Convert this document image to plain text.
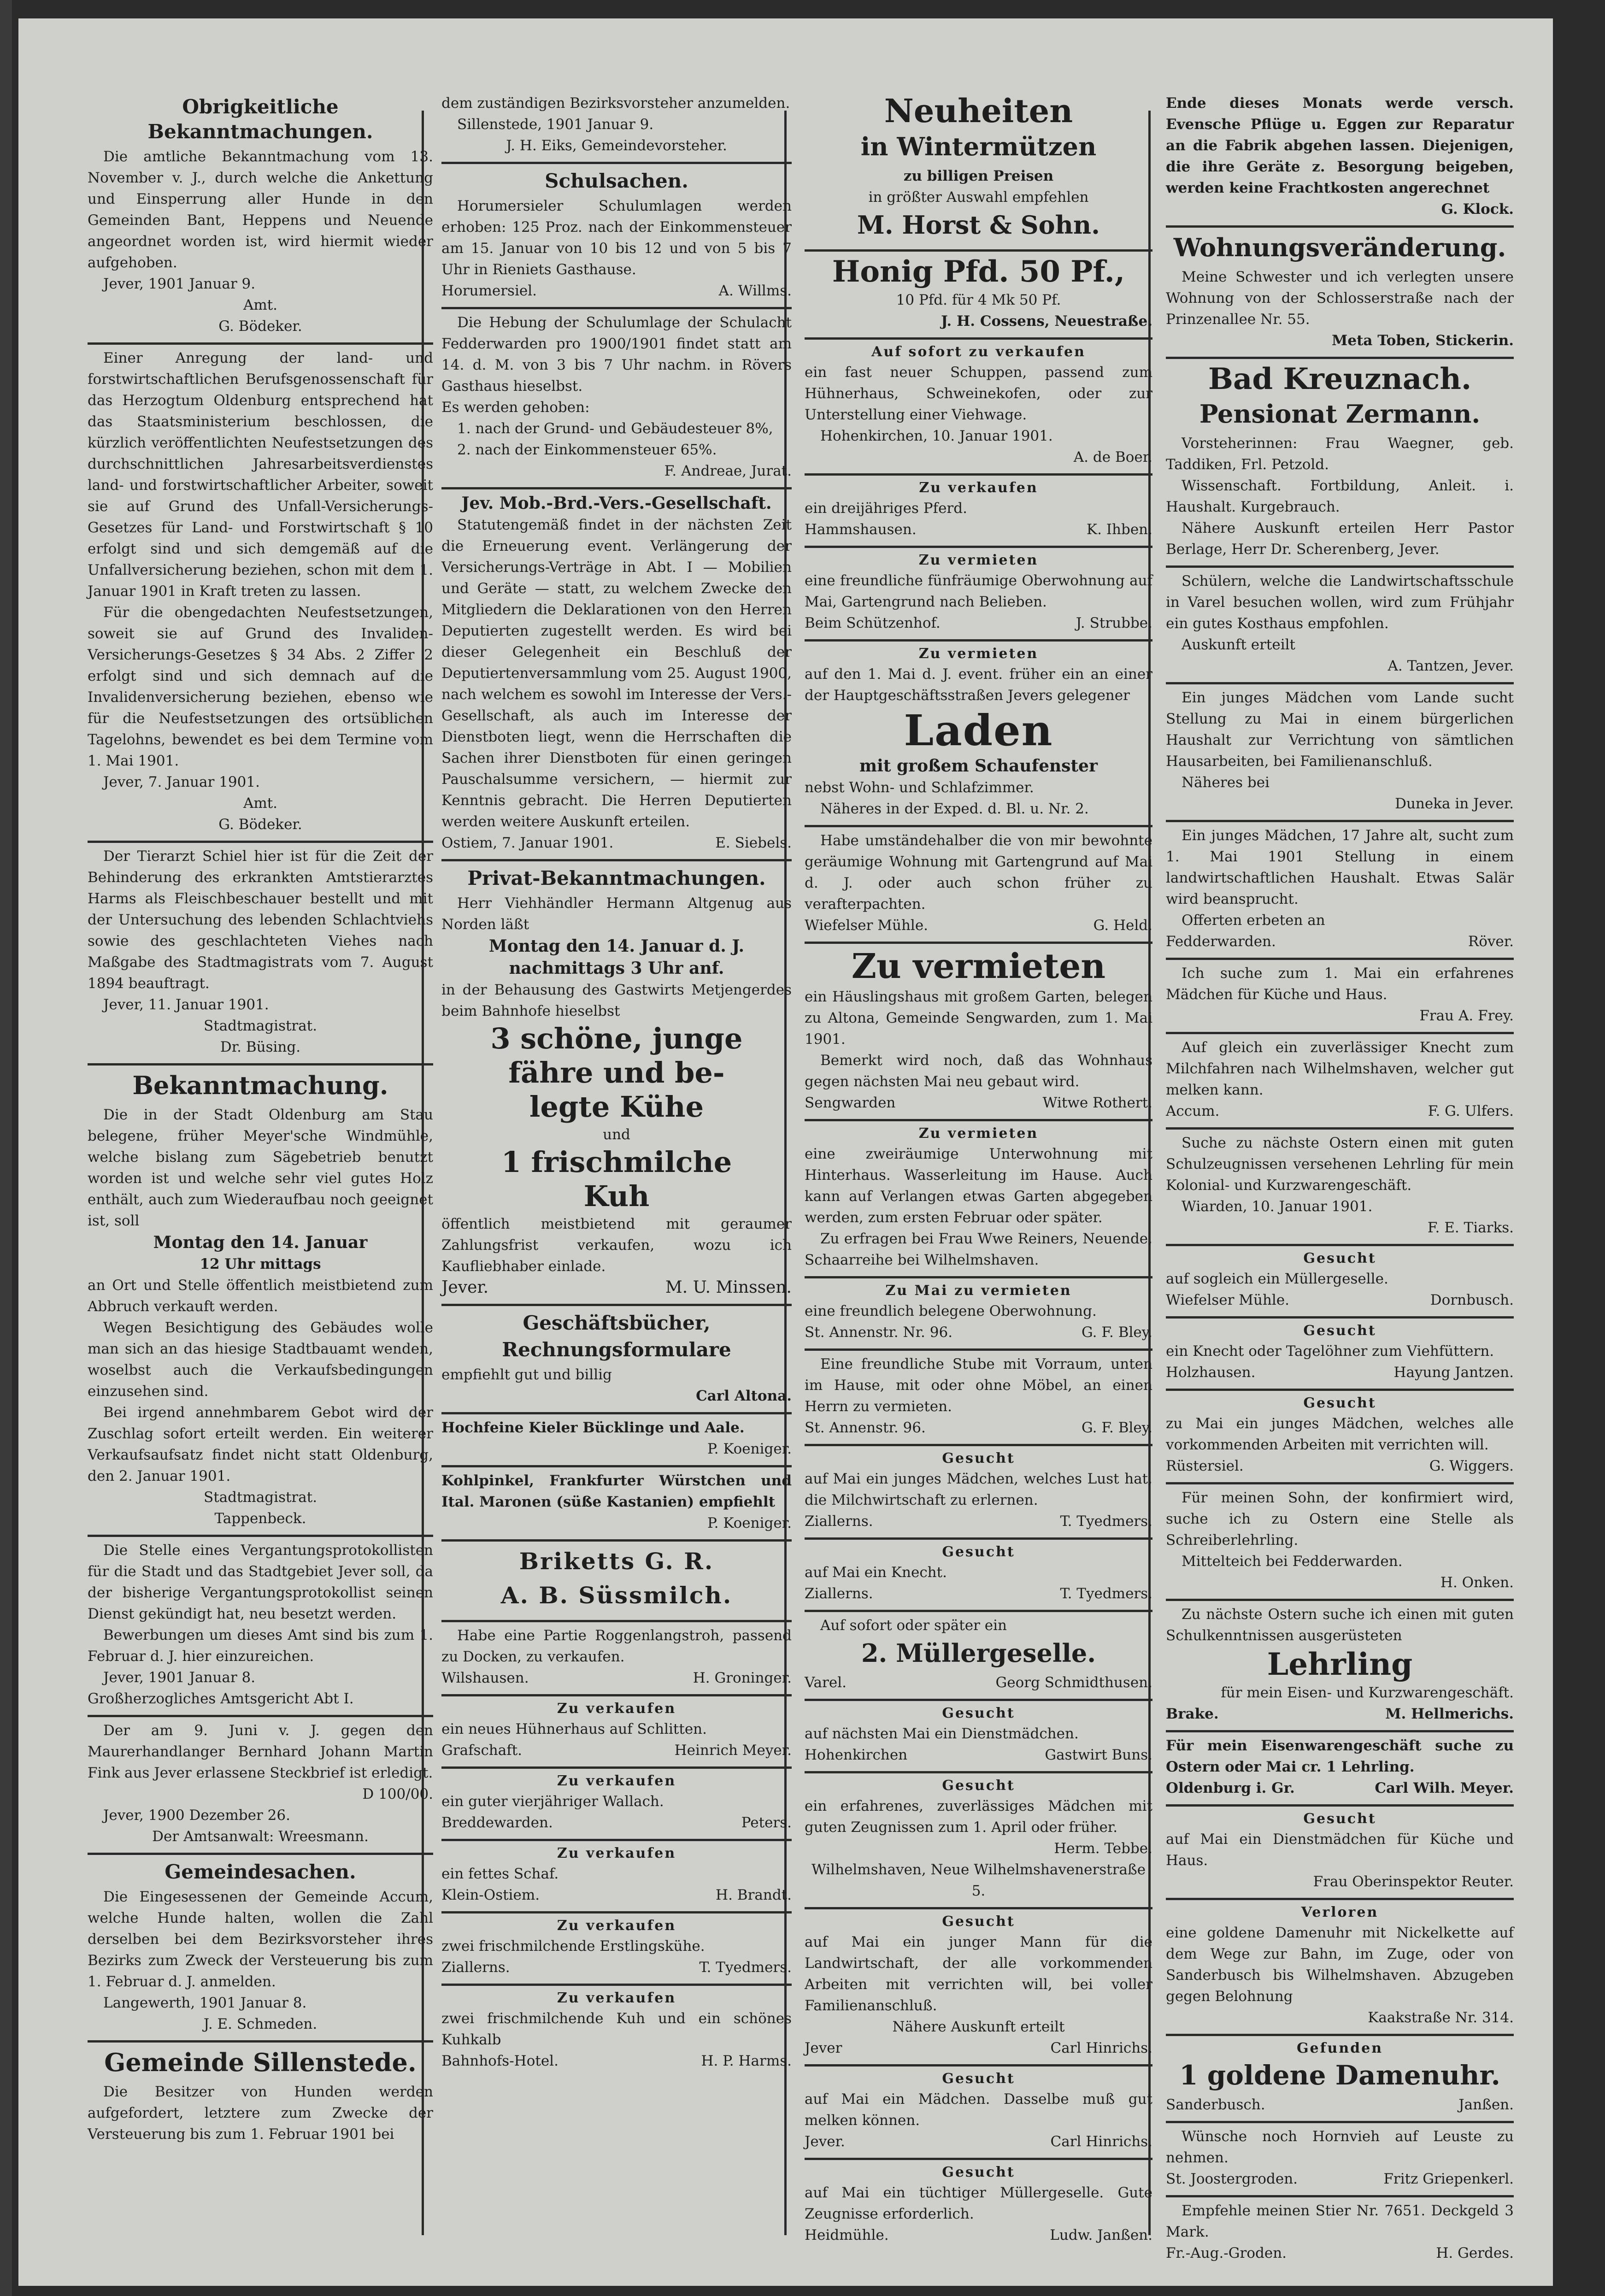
Obrigkeitliche Bekanntmachungen.

Die amtliche Bekanntmachung vom 13. November v. J., durch welche die Ankettung und Einsperrung aller Hunde in den Gemeinden Bant, Heppens und Neuende angeordnet worden ist, wird hiermit wieder aufgehoben.

Jever, 1901 Januar 9.

Amt.

G. Bödeker.

Einer Anregung der land- und forstwirtschaftlichen Berufsgenossenschaft für das Herzogtum Oldenburg entsprechend hat das Staatsministerium beschlossen, die kürzlich veröffentlichten Neufestsetzungen des durchschnittlichen Jahresarbeitsverdienstes land- und forstwirtschaftlicher Arbeiter, soweit sie auf Grund des Unfall-Versicherungs-Gesetzes für Land- und Forstwirtschaft § 10 erfolgt sind und sich demgemäß auf die Unfallversicherung beziehen, schon mit dem 1. Januar 1901 in Kraft treten zu lassen.

Für die obengedachten Neufestsetzungen, soweit sie auf Grund des Invaliden-Versicherungs-Gesetzes § 34 Abs. 2 Ziffer 2 erfolgt sind und sich demnach auf die Invalidenversicherung beziehen, ebenso wie für die Neufestsetzungen des ortsüblichen Tagelohns, bewendet es bei dem Termine vom 1. Mai 1901.

Jever, 7. Januar 1901.

Amt.

G. Bödeker.

Der Tierarzt Schiel hier ist für die Zeit der Behinderung des erkrankten Amtstierarztes Harms als Fleischbeschauer bestellt und mit der Untersuchung des lebenden Schlachtviehs sowie des geschlachteten Viehes nach Maßgabe des Stadtmagistrats vom 7. August 1894 beauftragt.

Jever, 11. Januar 1901.

Stadtmagistrat.

Dr. Büsing.

Bekanntmachung.

Die in der Stadt Oldenburg am Stau belegene, früher Meyer'sche Windmühle, welche bislang zum Sägebetrieb benutzt worden ist und welche sehr viel gutes Holz enthält, auch zum Wiederaufbau noch geeignet ist, soll

Montag den 14. Januar

12 Uhr mittags

an Ort und Stelle öffentlich meistbietend zum Abbruch verkauft werden.

Wegen Besichtigung des Gebäudes wolle man sich an das hiesige Stadtbauamt wenden, woselbst auch die Verkaufsbedingungen einzusehen sind.

Bei irgend annehmbarem Gebot wird der Zuschlag sofort erteilt werden. Ein weiterer Verkaufsaufsatz findet nicht statt Oldenburg, den 2. Januar 1901.

Stadtmagistrat.

Tappenbeck.

Die Stelle eines Vergantungsprotokollisten für die Stadt und das Stadtgebiet Jever soll, da der bisherige Vergantungsprotokollist seinen Dienst gekündigt hat, neu besetzt werden.

Bewerbungen um dieses Amt sind bis zum 1. Februar d. J. hier einzureichen.

Jever, 1901 Januar 8.

Großherzogliches Amtsgericht Abt I.

Der am 9. Juni v. J. gegen den Maurerhandlanger Bernhard Johann Martin Fink aus Jever erlassene Steckbrief ist erledigt.

D 100/00.

Jever, 1900 Dezember 26.

Der Amtsanwalt: Wreesmann.

Gemeindesachen.

Die Eingesessenen der Gemeinde Accum, welche Hunde halten, wollen die Zahl derselben bei dem Bezirksvorsteher ihres Bezirks zum Zweck der Versteuerung bis zum 1. Februar d. J. anmelden.

Langewerth, 1901 Januar 8.

J. E. Schmeden.

Gemeinde Sillenstede.

Die Besitzer von Hunden werden aufgefordert, letztere zum Zwecke der Versteuerung bis zum 1. Februar 1901 bei

dem zuständigen Bezirksvorsteher anzumelden.

Sillenstede, 1901 Januar 9.

J. H. Eiks, Gemeindevorsteher.

Schulsachen.

Horumersieler Schulumlagen werden erhoben: 125 Proz. nach der Einkommensteuer am 15. Januar von 10 bis 12 und von 5 bis 7 Uhr in Rieniets Gasthause.

Horumersiel.	A. Willms.

Die Hebung der Schulumlage der Schulacht Fedderwarden pro 1900/1901 findet statt am 14. d. M. von 3 bis 7 Uhr nachm. in Rövers Gasthaus hieselbst.

Es werden gehoben:

1. nach der Grund- und Gebäudesteuer 8%,

2. nach der Einkommensteuer 65%.

F. Andreae, Jurat.

Jev. Mob.-Brd.-Vers.-Gesellschaft.

Statutengemäß findet in der nächsten Zeit die Erneuerung event. Verlängerung der Versicherungs-Verträge in Abt. I — Mobilien und Geräte — statt, zu welchem Zwecke den Mitgliedern die Deklarationen von den Herren Deputierten zugestellt werden. Es wird bei dieser Gelegenheit ein Beschluß der Deputiertenversammlung vom 25. August 1900, nach welchem es sowohl im Interesse der Vers.-Gesellschaft, als auch im Interesse der Dienstboten liegt, wenn die Herrschaften die Sachen ihrer Dienstboten für einen geringen Pauschalsumme versichern, — hiermit zur Kenntnis gebracht. Die Herren Deputierten werden weitere Auskunft erteilen.

Ostiem, 7. Januar 1901.	E. Siebels.
Privat-Bekanntmachungen.

Herr Viehhändler Hermann Altgenug aus Norden läßt

Montag den 14. Januar d. J.
nachmittags 3 Uhr anf.

in der Behausung des Gastwirts Metjengerdes beim Bahnhofe hieselbst

3 schöne, junge
fähre und be-
legte Kühe

und

1 frischmilche
Kuh

öffentlich meistbietend mit geraumer Zahlungsfrist verkaufen, wozu ich Kaufliebhaber einlade.

Jever.	M. U. Minssen.
Geschäftsbücher,
Rechnungsformulare

empfiehlt gut und billig

Carl Altona.

Hochfeine Kieler Bücklinge und Aale.

P. Koeniger.

Kohlpinkel, Frankfurter Würstchen und Ital. Maronen (süße Kastanien) empfiehlt

P. Koeniger.

Briketts G. R.
A. B. Süssmilch.

Habe eine Partie Roggenlangstroh, passend zu Docken, zu verkaufen.

Wilshausen.	H. Groninger.
Zu verkaufen

ein neues Hühnerhaus auf Schlitten.

Grafschaft.	Heinrich Meyer.
Zu verkaufen

ein guter vierjähriger Wallach.

Breddewarden.	Peters.
Zu verkaufen

ein fettes Schaf.

Klein-Ostiem.	H. Brandt.
Zu verkaufen

zwei frischmilchende Erstlingskühe.

Ziallerns.	T. Tyedmers.
Zu verkaufen

zwei frischmilchende Kuh und ein schönes Kuhkalb

Bahnhofs-Hotel.	H. P. Harms.
Neuheiten
in Wintermützen

zu billigen Preisen

in größter Auswahl empfehlen

M. Horst & Sohn.
Honig Pfd. 50 Pf.,

10 Pfd. für 4 Mk 50 Pf.

J. H. Cossens, Neuestraße.

Auf sofort zu verkaufen

ein fast neuer Schuppen, passend zum Hühnerhaus, Schweinekofen, oder zur Unterstellung einer Viehwage.

Hohenkirchen, 10. Januar 1901.

A. de Boer.

Zu verkaufen

ein dreijähriges Pferd.

Hammshausen.	K. Ihben.
Zu vermieten

eine freundliche fünfräumige Oberwohnung auf Mai, Gartengrund nach Belieben.

Beim Schützenhof.	J. Strubbe.
Zu vermieten

auf den 1. Mai d. J. event. früher ein an einer der Hauptgeschäftsstraßen Jevers gelegener

Laden
mit großem Schaufenster

nebst Wohn- und Schlafzimmer.

Näheres in der Exped. d. Bl. u. Nr. 2.

Habe umständehalber die von mir bewohnte geräumige Wohnung mit Gartengrund auf Mai d. J. oder auch schon früher zu verafterpachten.

Wiefelser Mühle.	G. Held.
Zu vermieten

ein Häuslingshaus mit großem Garten, belegen zu Altona, Gemeinde Sengwarden, zum 1. Mai 1901.

Bemerkt wird noch, daß das Wohnhaus gegen nächsten Mai neu gebaut wird.

Sengwarden	Witwe Rothert.
Zu vermieten

eine zweiräumige Unterwohnung mit Hinterhaus. Wasserleitung im Hause. Auch kann auf Verlangen etwas Garten abgegeben werden, zum ersten Februar oder später.

Zu erfragen bei Frau Wwe Reiners, Neuende, Schaarreihe bei Wilhelmshaven.

Zu Mai zu vermieten

eine freundlich belegene Oberwohnung.

St. Annenstr. Nr. 96.	G. F. Bley.

Eine freundliche Stube mit Vorraum, unten im Hause, mit oder ohne Möbel, an einen Herrn zu vermieten.

St. Annenstr. 96.	G. F. Bley.
Gesucht

auf Mai ein junges Mädchen, welches Lust hat, die Milchwirtschaft zu erlernen.

Ziallerns.	T. Tyedmers.
Gesucht

auf Mai ein Knecht.

Ziallerns.	T. Tyedmers.

Auf sofort oder später ein

2. Müllergeselle.
Varel.	Georg Schmidthusen.
Gesucht

auf nächsten Mai ein Dienstmädchen.

Hohenkirchen	Gastwirt Buns.
Gesucht

ein erfahrenes, zuverlässiges Mädchen mit guten Zeugnissen zum 1. April oder früher.

Herm. Tebbe.

Wilhelmshaven, Neue Wilhelmshavenerstraße 5.

Gesucht

auf Mai ein junger Mann für die Landwirtschaft, der alle vorkommenden Arbeiten mit verrichten will, bei voller Familienanschluß.

Nähere Auskunft erteilt

Jever	Carl Hinrichs.
Gesucht

auf Mai ein Mädchen. Dasselbe muß gut melken können.

Jever.	Carl Hinrichs.
Gesucht

auf Mai ein tüchtiger Müllergeselle. Gute Zeugnisse erforderlich.

Heidmühle.	Ludw. Janßen.

Ende dieses Monats werde versch. Evensche Pflüge u. Eggen zur Reparatur an die Fabrik abgehen lassen. Diejenigen, die ihre Geräte z. Besorgung beigeben, werden keine Frachtkosten angerechnet

G. Klock.

Wohnungsveränderung.

Meine Schwester und ich verlegten unsere Wohnung von der Schlosserstraße nach der Prinzenallee Nr. 55.

Meta Toben, Stickerin.

Bad Kreuznach.
Pensionat Zermann.

Vorsteherinnen: Frau Waegner, geb. Taddiken, Frl. Petzold.

Wissenschaft. Fortbildung, Anleit. i. Haushalt. Kurgebrauch.

Nähere Auskunft erteilen Herr Pastor Berlage, Herr Dr. Scherenberg, Jever.

Schülern, welche die Landwirtschaftsschule in Varel besuchen wollen, wird zum Frühjahr ein gutes Kosthaus empfohlen.

Auskunft erteilt

A. Tantzen, Jever.

Ein junges Mädchen vom Lande sucht Stellung zu Mai in einem bürgerlichen Haushalt zur Verrichtung von sämtlichen Hausarbeiten, bei Familienanschluß.

Näheres bei

Duneka in Jever.

Ein junges Mädchen, 17 Jahre alt, sucht zum 1. Mai 1901 Stellung in einem landwirtschaftlichen Haushalt. Etwas Salär wird beansprucht.

Offerten erbeten an

Fedderwarden.	Röver.

Ich suche zum 1. Mai ein erfahrenes Mädchen für Küche und Haus.

Frau A. Frey.

Auf gleich ein zuverlässiger Knecht zum Milchfahren nach Wilhelmshaven, welcher gut melken kann.

Accum.	F. G. Ulfers.

Suche zu nächste Ostern einen mit guten Schulzeugnissen versehenen Lehrling für mein Kolonial- und Kurzwarengeschäft.

Wiarden, 10. Januar 1901.

F. E. Tiarks.

Gesucht

auf sogleich ein Müllergeselle.

Wiefelser Mühle.	Dornbusch.
Gesucht

ein Knecht oder Tagelöhner zum Viehfüttern.

Holzhausen.	Hayung Jantzen.
Gesucht

zu Mai ein junges Mädchen, welches alle vorkommenden Arbeiten mit verrichten will.

Rüstersiel.	G. Wiggers.

Für meinen Sohn, der konfirmiert wird, suche ich zu Ostern eine Stelle als Schreiberlehrling.

Mittelteich bei Fedderwarden.

H. Onken.

Zu nächste Ostern suche ich einen mit guten Schulkenntnissen ausgerüsteten

Lehrling

für mein Eisen- und Kurzwarengeschäft.

Brake.	M. Hellmerichs.

Für mein Eisenwarengeschäft suche zu Ostern oder Mai cr. 1 Lehrling.

Oldenburg i. Gr.	Carl Wilh. Meyer.
Gesucht

auf Mai ein Dienstmädchen für Küche und Haus.

Frau Oberinspektor Reuter.

Verloren

eine goldene Damenuhr mit Nickelkette auf dem Wege zur Bahn, im Zuge, oder von Sanderbusch bis Wilhelmshaven. Abzugeben gegen Belohnung

Kaakstraße Nr. 314.

Gefunden
1 goldene Damenuhr.
Sanderbusch.	Janßen.

Wünsche noch Hornvieh auf Leuste zu nehmen.

St. Joostergroden.	Fritz Griepenkerl.

Empfehle meinen Stier Nr. 7651. Deckgeld 3 Mark.

Fr.-Aug.-Groden.	H. Gerdes.
